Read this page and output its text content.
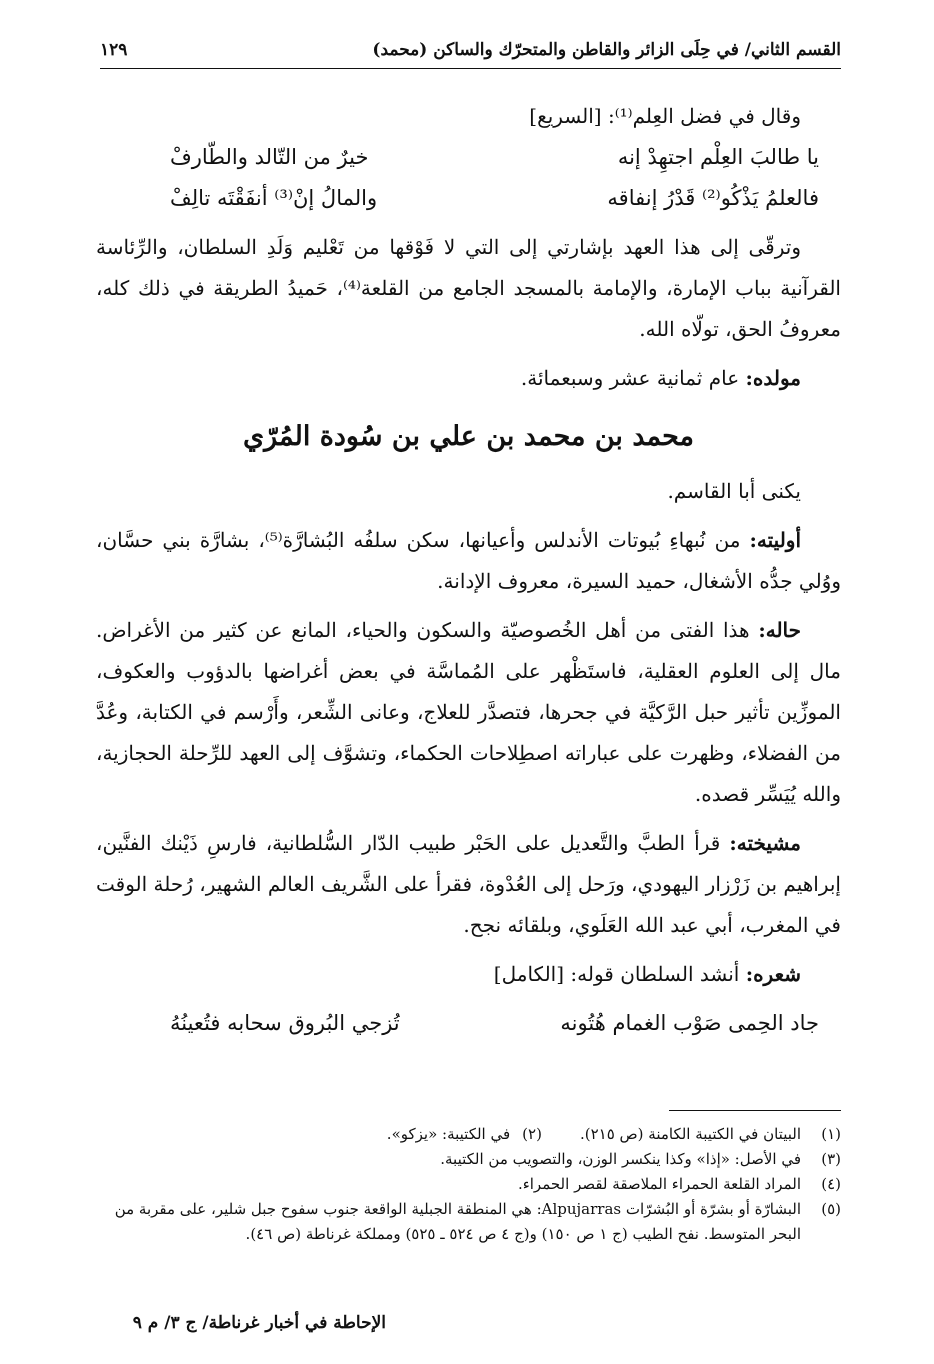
القسم الثاني/ في حِلَى الزائر والقاطن والمتحرّك والساكن (محمد)
١٢٩

وقال في فضل العِلم⁽¹⁾: [السريع]

يا طالبَ العِلْم اجتهِدْ إنه
خيرٌ من التّالد والطّارفْ
فالعلمُ يَذْكُو⁽²⁾ قَدْرُ إنفاقه
والمالُ إنْ⁽³⁾ أنفَقْتَه تالِفْ

وترقّى إلى هذا العهد بإشارتي إلى التي لا فَوْقها من تَعْليم وَلَدِ السلطان، والرِّئاسة القرآنية بباب الإمارة، والإمامة بالمسجد الجامع من القلعة⁽⁴⁾، حَميدُ الطريقة في ذلك كله، معروفُ الحق، تولّاه الله.

مولده: عام ثمانية عشر وسبعمائة.

محمد بن محمد بن علي بن سُودة المُرّي

يكنى أبا القاسم.

أوليته: من نُبهاءِ بُيوتات الأندلس وأعيانها، سكن سلفُه البُشارَّة⁽⁵⁾، بشارَّة بني حسَّان، ووُلي جدُّه الأشغال، حميد السيرة، معروف الإدانة.

حاله: هذا الفتى من أهل الخُصوصيّة والسكون والحياء، المانع عن كثير من الأغراض. مال إلى العلوم العقلية، فاستَظْهر على المُماسَّة في بعض أغراضها بالدؤوب والعكوف، الموزِّين تأثير حبل الرَّكيَّة في جحرها، فتصدَّر للعلاج، وعانى الشِّعر، وأَرْسم في الكتابة، وعُدَّ من الفضلاء، وظهرت على عباراته اصطِلاحات الحكماء، وتشوَّف إلى العهد للرِّحلة الحجازية، والله يُيَسِّر قصده.

مشيخته: قرأ الطبَّ والتَّعديل على الحَبْر طبيب الدّار السُّلطانية، فارسِ ذَيْنك الفنَّين، إبراهيم بن زَرْزار اليهودي، ورَحل إلى العُدْوة، فقرأ على الشَّريف العالم الشهير، رُحلة الوقت في المغرب، أبي عبد الله العَلَوي، وبلقائه نجح.

شعره: أنشد السلطان قوله: [الكامل]

جاد الحِمى صَوْب الغمام هُتُونه
تُزجي البُروق سحابه فتُعينُهُ

(١)
البيتان في الكتيبة الكامنة (ص ٢١٥).
(٢)
في الكتيبة: «يزكو».

(٣)
في الأصل: «إذا» وكذا ينكسر الوزن، والتصويب من الكتيبة.

(٤)
المراد القلعة الحمراء الملاصقة لقصر الحمراء.

(٥)
البشارّة أو بشرّة أو البُشرّات Alpujarras: هي المنطقة الجبلية الواقعة جنوب سفوح جبل شلير، على مقربة من البحر المتوسط. نفح الطيب (ج ١ ص ١٥٠) و(ج ٤ ص ٥٢٤ ـ ٥٢٥) ومملكة غرناطة (ص ٤٦).

الإحاطة في أخبار غرناطة/ ج ٣/ م ٩
